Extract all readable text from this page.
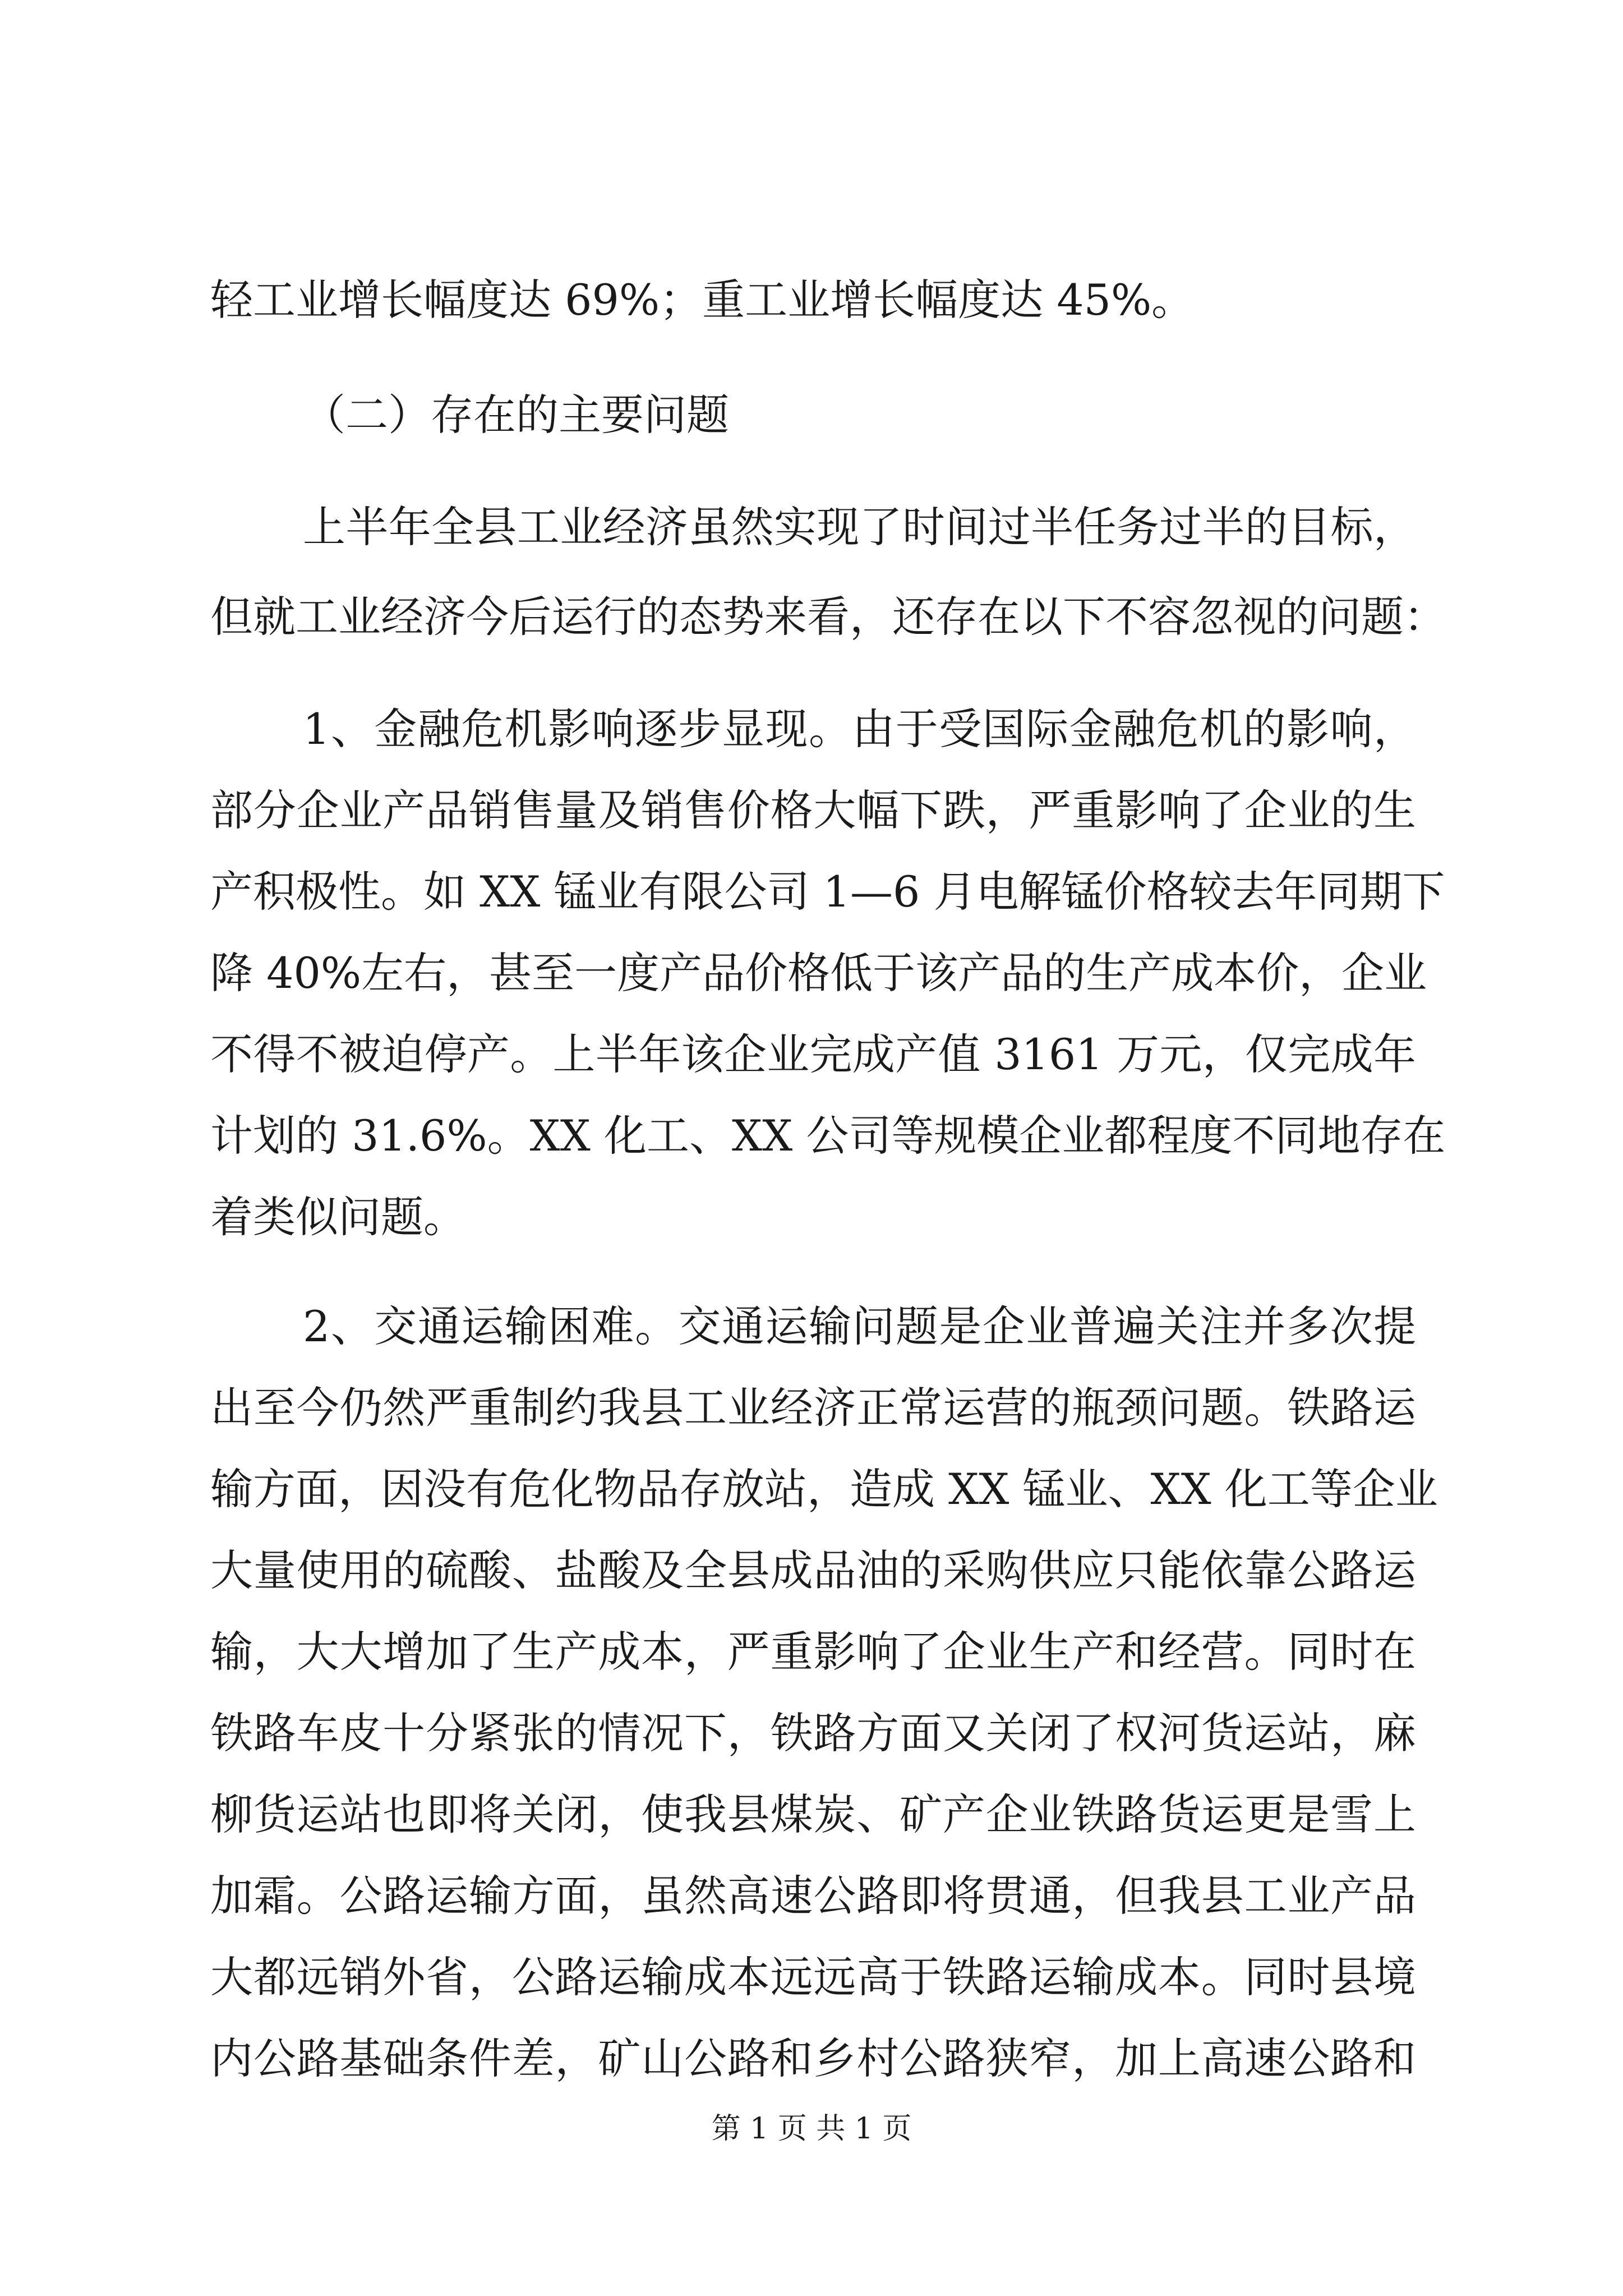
轻工业增长幅度达 69%；重工业增长幅度达 45%。
（二）存在的主要问题
上半年全县工业经济虽然实现了时间过半任务过半的目标，
但就工业经济今后运行的态势来看，还存在以下不容忽视的问题：
1、金融危机影响逐步显现。由于受国际金融危机的影响，
部分企业产品销售量及销售价格大幅下跌，严重影响了企业的生
产积极性。如 XX 锰业有限公司 1—6 月电解锰价格较去年同期下
降 40%左右，甚至一度产品价格低于该产品的生产成本价，企业
不得不被迫停产。上半年该企业完成产值 3161 万元，仅完成年
计划的 31.6%。XX 化工、XX 公司等规模企业都程度不同地存在
着类似问题。
2、交通运输困难。交通运输问题是企业普遍关注并多次提
出至今仍然严重制约我县工业经济正常运营的瓶颈问题。铁路运
输方面，因没有危化物品存放站，造成 XX 锰业、XX 化工等企业
大量使用的硫酸、盐酸及全县成品油的采购供应只能依靠公路运
输，大大增加了生产成本，严重影响了企业生产和经营。同时在
铁路车皮十分紧张的情况下，铁路方面又关闭了权河货运站，麻
柳货运站也即将关闭，使我县煤炭、矿产企业铁路货运更是雪上
加霜。公路运输方面，虽然高速公路即将贯通，但我县工业产品
大都远销外省，公路运输成本远远高于铁路运输成本。同时县境
内公路基础条件差，矿山公路和乡村公路狭窄，加上高速公路和
第 1 页 共 1 页
